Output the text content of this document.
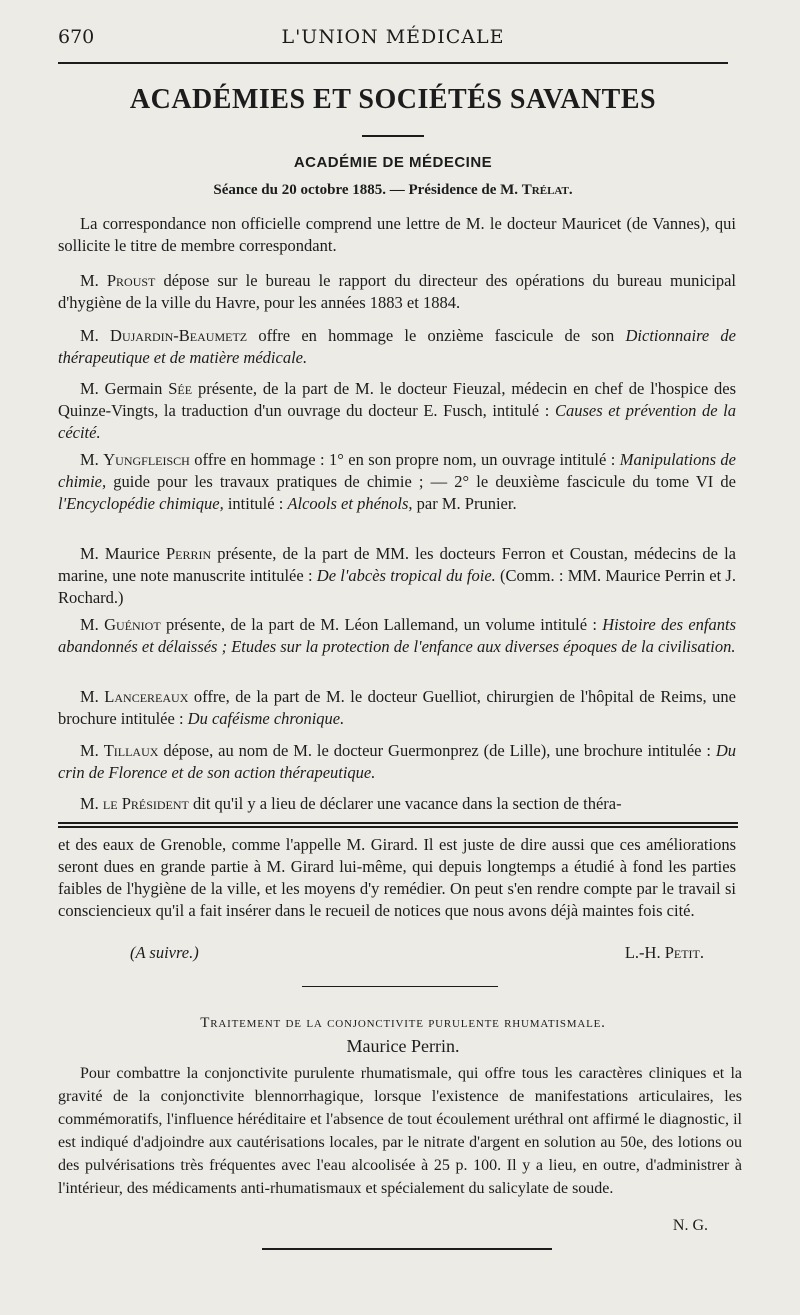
670	L'UNION MÉDICALE
ACADÉMIES ET SOCIÉTÉS SAVANTES
ACADÉMIE DE MÉDECINE
Séance du 20 octobre 1885. — Présidence de M. Trélat.

La correspondance non officielle comprend une lettre de M. le docteur Mauricet (de Vannes), qui sollicite le titre de membre correspondant.

M. Proust dépose sur le bureau le rapport du directeur des opérations du bureau municipal d'hygiène de la ville du Havre, pour les années 1883 et 1884.

M. Dujardin-Beaumetz offre en hommage le onzième fascicule de son Dictionnaire de thérapeutique et de matière médicale.

M. Germain Sée présente, de la part de M. le docteur Fieuzal, médecin en chef de l'hospice des Quinze-Vingts, la traduction d'un ouvrage du docteur E. Fusch, intitulé : Causes et prévention de la cécité.

M. Yungfleisch offre en hommage : 1° en son propre nom, un ouvrage intitulé : Manipulations de chimie, guide pour les travaux pratiques de chimie ; — 2° le deuxième fascicule du tome VI de l'Encyclopédie chimique, intitulé : Alcools et phénols, par M. Prunier.

M. Maurice Perrin présente, de la part de MM. les docteurs Ferron et Coustan, médecins de la marine, une note manuscrite intitulée : De l'abcès tropical du foie. (Comm. : MM. Maurice Perrin et J. Rochard.)

M. Guéniot présente, de la part de M. Léon Lallemand, un volume intitulé : Histoire des enfants abandonnés et délaissés ; Etudes sur la protection de l'enfance aux diverses époques de la civilisation.

M. Lancereaux offre, de la part de M. le docteur Guelliot, chirurgien de l'hôpital de Reims, une brochure intitulée : Du caféisme chronique.

M. Tillaux dépose, au nom de M. le docteur Guermonprez (de Lille), une brochure intitulée : Du crin de Florence et de son action thérapeutique.

M. le Président dit qu'il y a lieu de déclarer une vacance dans la section de théra-

et des eaux de Grenoble, comme l'appelle M. Girard. Il est juste de dire aussi que ces améliorations seront dues en grande partie à M. Girard lui-même, qui depuis longtemps a étudié à fond les parties faibles de l'hygiène de la ville, et les moyens d'y remédier. On peut s'en rendre compte par le travail si consciencieux qu'il a fait insérer dans le recueil de notices que nous avons déjà maintes fois cité.

(A suivre.)	L.-H. Petit.
Traitement de la conjonctivite purulente rhumatismale.
Maurice Perrin.

Pour combattre la conjonctivite purulente rhumatismale, qui offre tous les caractères cliniques et la gravité de la conjonctivite blennorrhagique, lorsque l'existence de manifestations articulaires, les commémoratifs, l'influence héréditaire et l'absence de tout écoulement uréthral ont affirmé le diagnostic, il est indiqué d'adjoindre aux cautérisations locales, par le nitrate d'argent en solution au 50e, des lotions ou des pulvérisations très fréquentes avec l'eau alcoolisée à 25 p. 100. Il y a lieu, en outre, d'administrer à l'intérieur, des médicaments anti-rhumatismaux et spécialement du salicylate de soude.

N. G.
